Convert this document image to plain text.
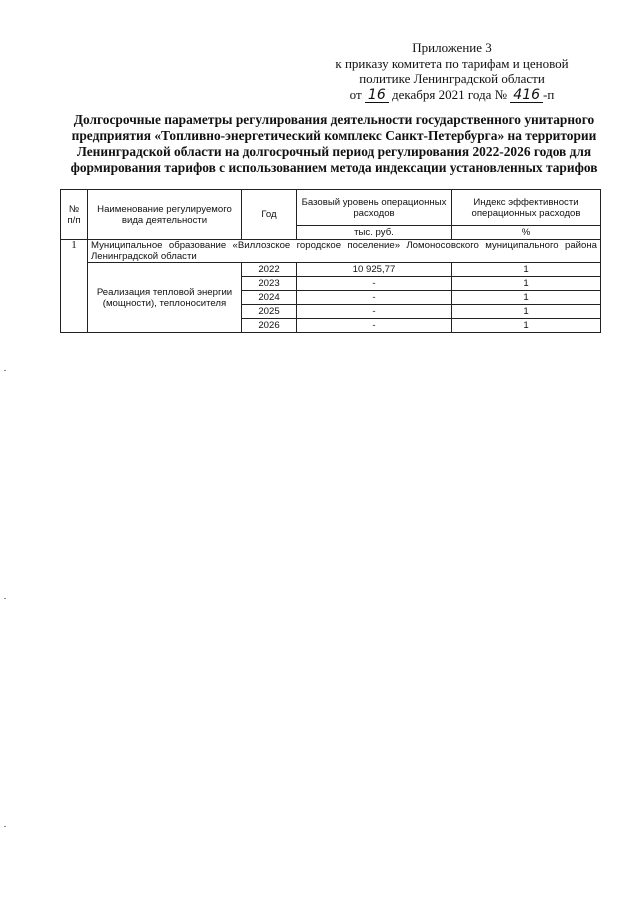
Приложение 3
к приказу комитета по тарифам и ценовой
политике Ленинградской области
от 16 декабря 2021 года № 416 -п
Долгосрочные параметры регулирования деятельности государственного унитарного
предприятия «Топливно-энергетический комплекс Санкт-Петербурга» на территории
Ленинградской области на долгосрочный период регулирования 2022-2026 годов для
формирования тарифов с использованием метода индексации установленных тарифов
№ п/п	Наименование регулируемого вида деятельности	Год	Базовый уровень операционных расходов	Индекс эффективности операционных расходов
			тыс. руб.	%
1	Муниципальное образование «Виллозское городское поселение» Ломоносовского муниципального района Ленинградской области			
	Реализация тепловой энергии (мощности), теплоносителя	2022	10 925,77	1
		2023	-	1
		2024	-	1
		2025	-	1
		2026	-	1
